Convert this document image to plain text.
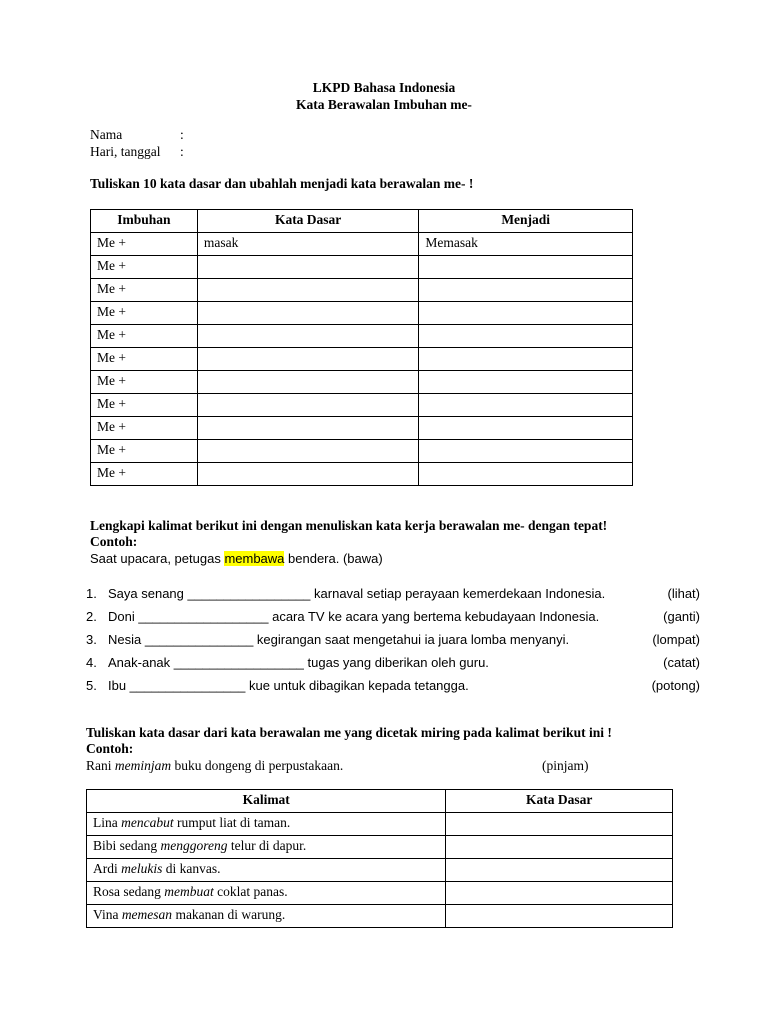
LKPD Bahasa Indonesia
Kata Berawalan Imbuhan me-
Nama	:
Hari, tanggal :
Tuliskan 10 kata dasar dan ubahlah menjadi kata berawalan me- !
Imbuhan	Kata Dasar	Menjadi
Me +	masak	Memasak
Me +		
Me +		
Me +		
Me +		
Me +		
Me +		
Me +		
Me +		
Me +		
Me +		
Lengkapi kalimat berikut ini dengan menuliskan kata kerja berawalan me- dengan tepat!
Contoh:
Saat upacara, petugas membawa bendera. (bawa)
1. Saya senang _________________ karnaval setiap perayaan kemerdekaan Indonesia.	(lihat)
2. Doni __________________ acara TV ke acara yang bertema kebudayaan Indonesia.	(ganti)
3. Nesia _______________ kegirangan saat mengetahui ia juara lomba menyanyi.	(lompat)
4. Anak-anak __________________ tugas yang diberikan oleh guru.	(catat)
5. Ibu ________________ kue untuk dibagikan kepada tetangga.	(potong)
Tuliskan kata dasar dari kata berawalan me yang dicetak miring pada kalimat berikut ini !
Contoh:
Rani meminjam buku dongeng di perpustakaan.	(pinjam)
Kalimat	Kata Dasar
Lina mencabut rumput liat di taman.	
Bibi sedang menggoreng telur di dapur.	
Ardi melukis di kanvas.	
Rosa sedang membuat coklat panas.	
Vina memesan makanan di warung.	
